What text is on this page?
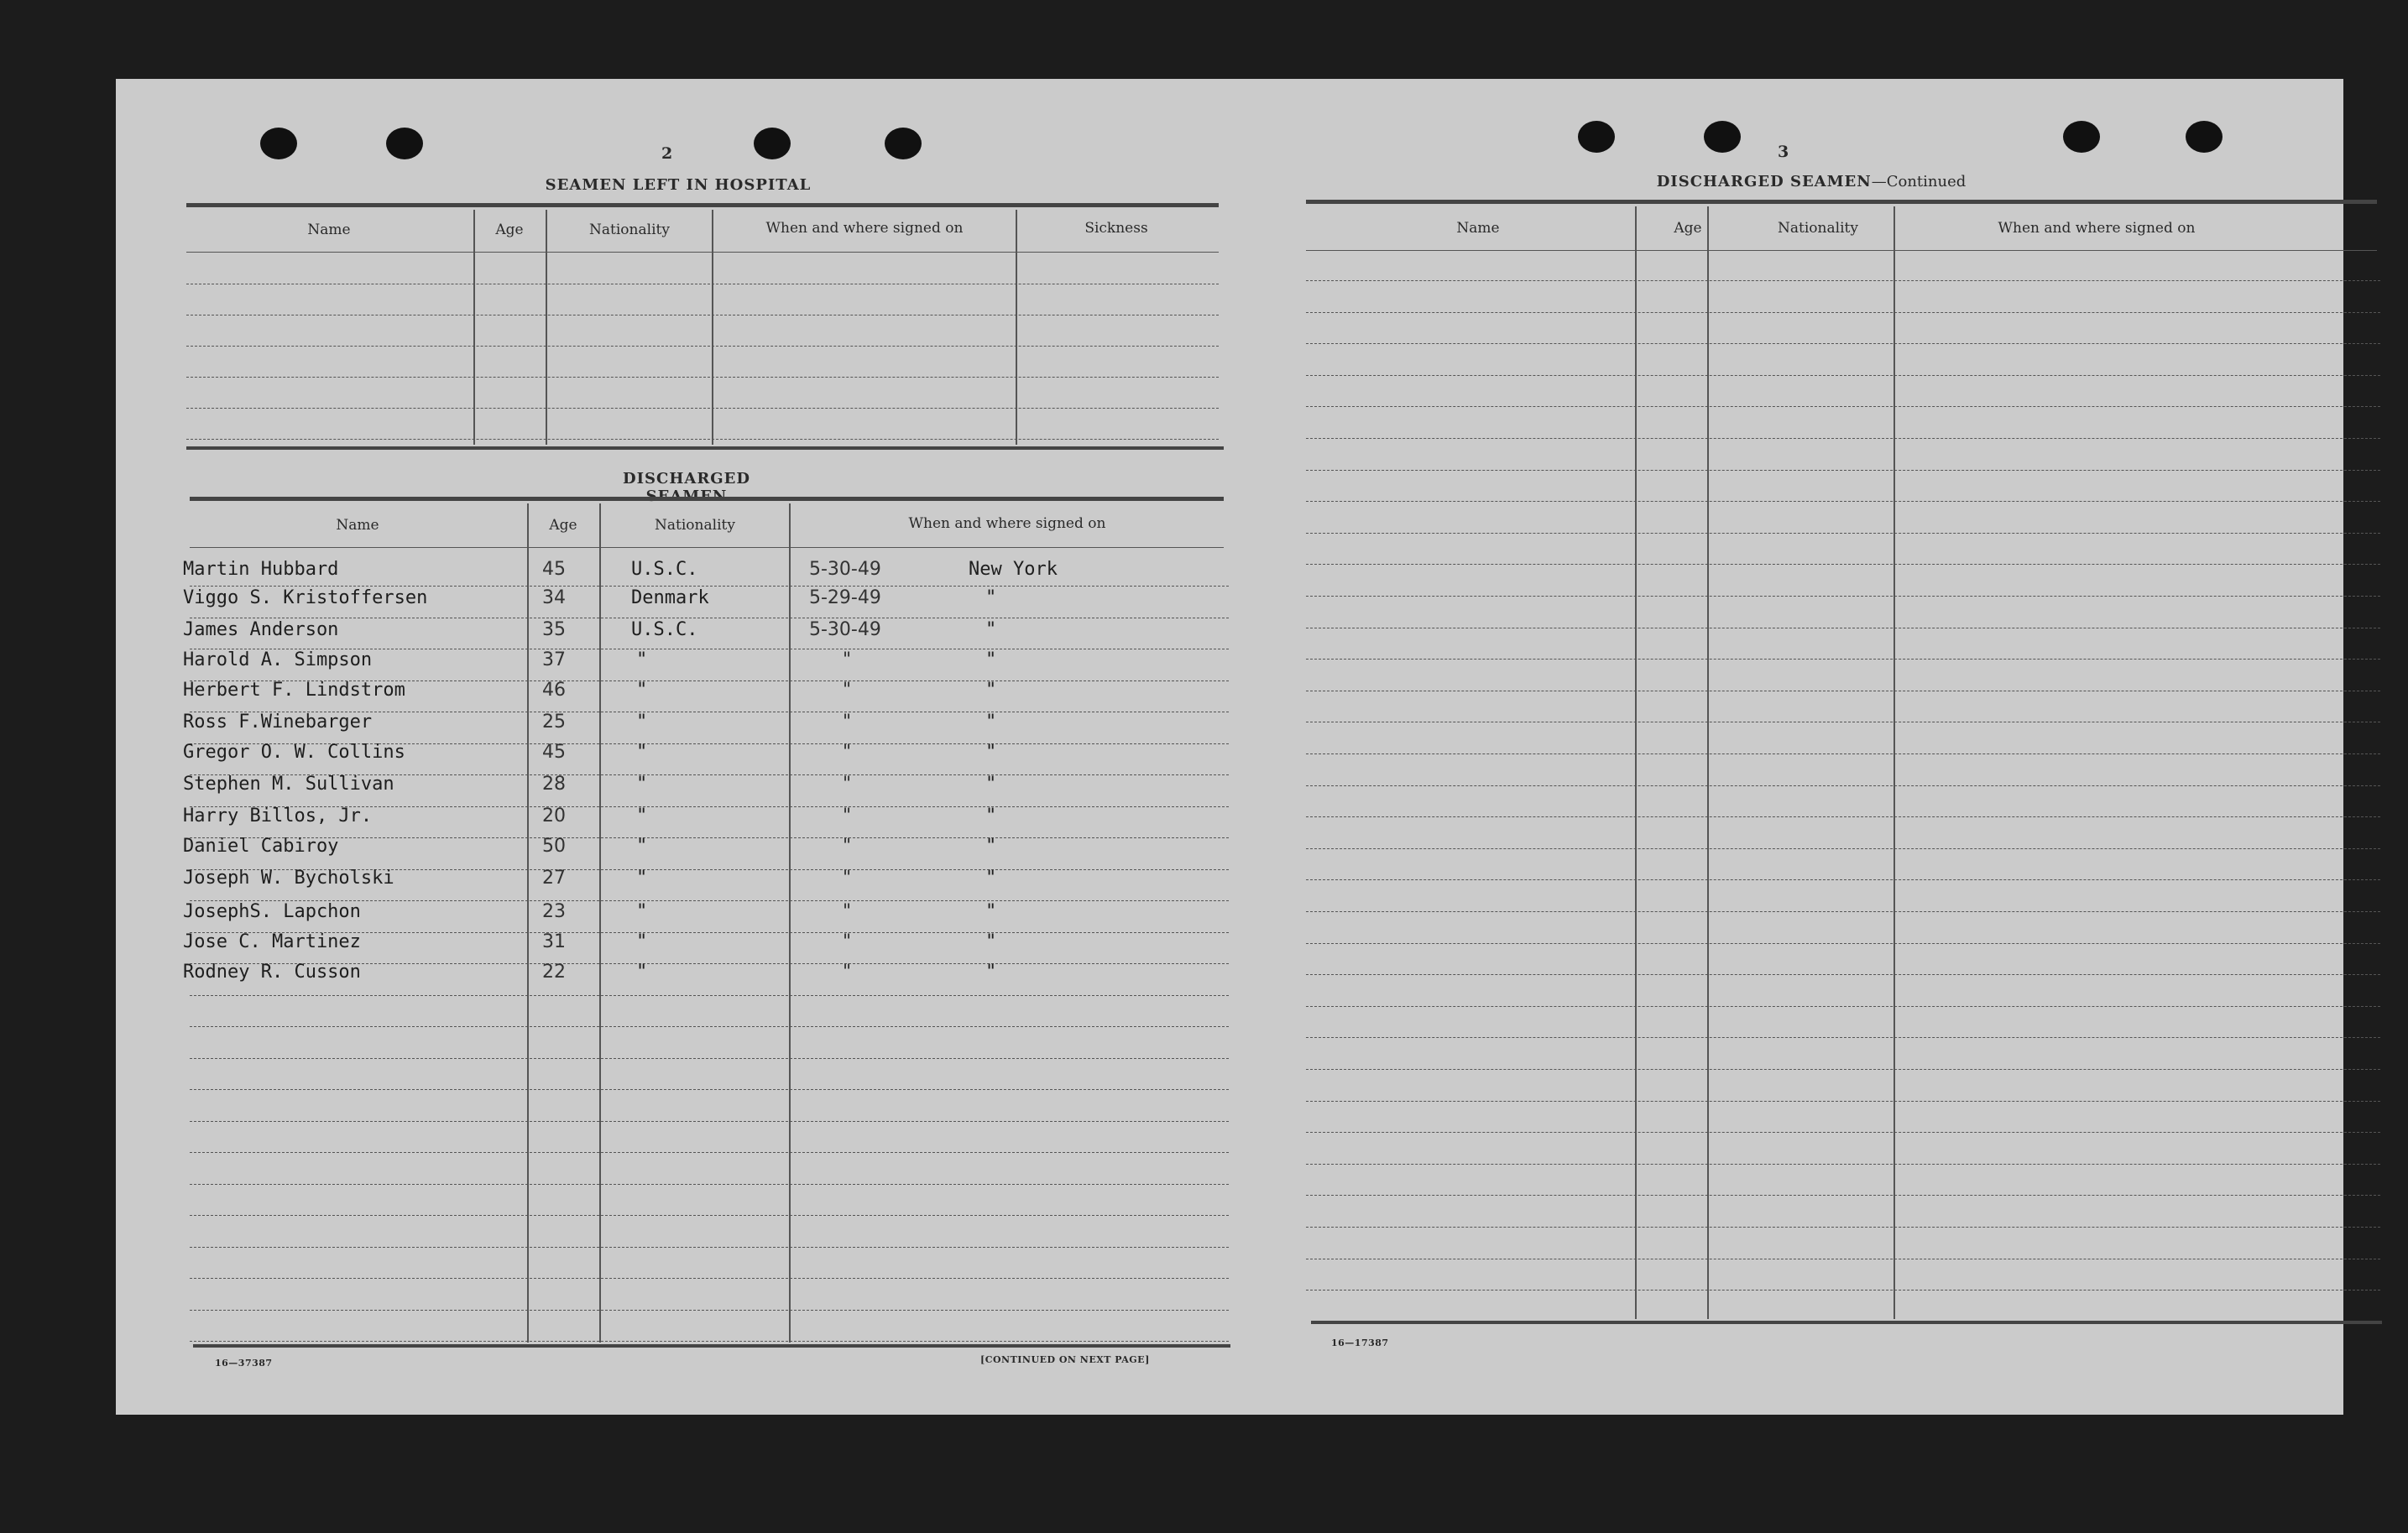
2
SEAMEN LEFT IN HOSPITAL
Name	Age	Nationality	When and where signed on	Sickness
DISCHARGED
Name	Age	Nationality	When and where signed on
Martin Hubbard	45	U.S.C.	5-30-49	New York
Viggo S. Kristoffersen	34	Denmark	5-29-49	"
James Anderson	35	U.S.C.	5-30-49	"
Harold A. Simpson	37	"	"	"
Herbert F. Lindstrom	46	"	"	"
Ross F.Winebarger	25	"	"	"
Gregor O. W. Collins	45	"	"	"
Stephen M. Sullivan	28	"	"	"
Harry Billos, Jr.	20	"	"	"
Daniel Cabiroy	50	"	"	"
Joseph W. Bycholski	27	"	"	"
JosephS. Lapchon	23	"	"	"
Jose C. Martinez	31	"	"	"
Rodney R. Cusson	22	"	"	"
16—37387	[CONTINUED ON NEXT PAGE]
3
DISCHARGED SEAMEN—Continued
Name	Age	Nationality	When and where signed on
16—17387
